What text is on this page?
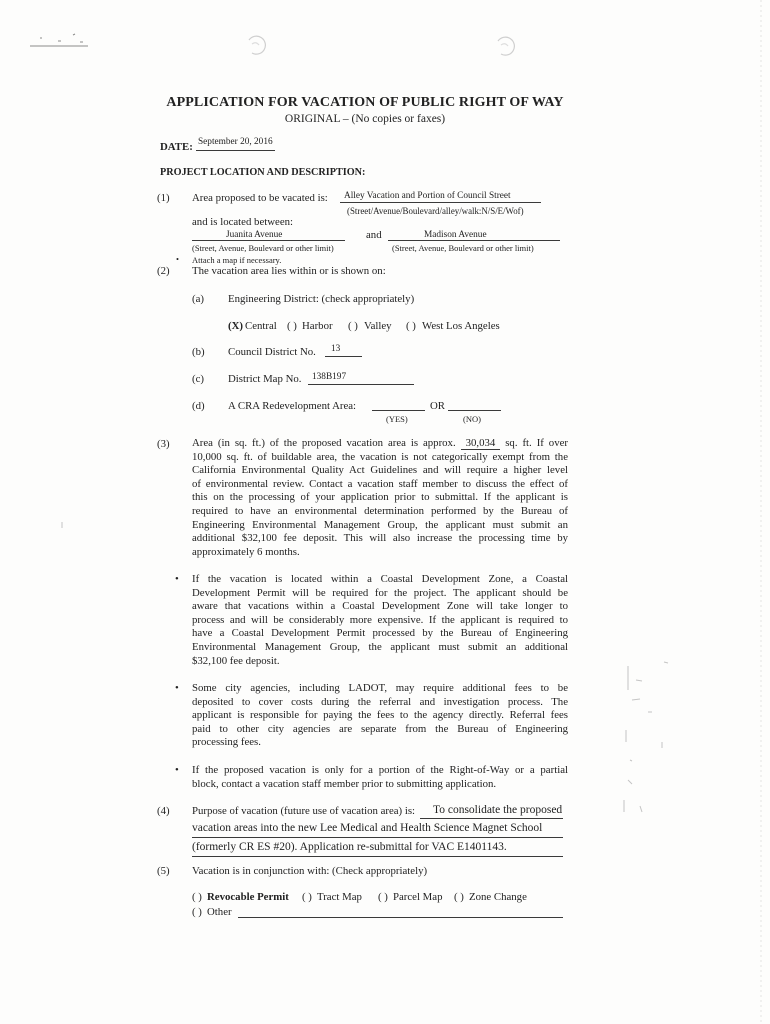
APPLICATION FOR VACATION OF PUBLIC RIGHT OF WAY
ORIGINAL – (No copies or faxes)
DATE: September 20, 2016
PROJECT LOCATION AND DESCRIPTION:
(1) Area proposed to be vacated is: Alley Vacation and Portion of Council Street
(Street/Avenue/Boulevard/alley/walk:N/S/E/Wof)
and is located between:
Juanita Avenue	and	Madison Avenue
(Street, Avenue, Boulevard or other limit)	(Street, Avenue, Boulevard or other limit)
• Attach a map if necessary.
(2) The vacation area lies within or is shown on:
(a) Engineering District: (check appropriately)
(X) Central ( ) Harbor ( ) Valley ( ) West Los Angeles
(b) Council District No. 13
(c) District Map No. 138B197
(d) A CRA Redevelopment Area:	OR
(YES)	(NO)
(3) Area (in sq. ft.) of the proposed vacation area is approx. 30,034 sq. ft. If over
10,000 sq. ft. of buildable area, the vacation is not categorically exempt from the
California Environmental Quality Act Guidelines and will require a higher level
of environmental review. Contact a vacation staff member to discuss the effect of
this on the processing of your application prior to submittal. If the applicant is
required to have an environmental determination performed by the Bureau of
Engineering Environmental Management Group, the applicant must submit an
additional $32,100 fee deposit. This will also increase the processing time by
approximately 6 months.
• If the vacation is located within a Coastal Development Zone, a Coastal
Development Permit will be required for the project. The applicant should be
aware that vacations within a Coastal Development Zone will take longer to
process and will be considerably more expensive. If the applicant is required to
have a Coastal Development Permit processed by the Bureau of Engineering
Environmental Management Group, the applicant must submit an additional
$32,100 fee deposit.
• Some city agencies, including LADOT, may require additional fees to be
deposited to cover costs during the referral and investigation process. The
applicant is responsible for paying the fees to the agency directly. Referral fees
paid to other city agencies are separate from the Bureau of Engineering
processing fees.
• If the proposed vacation is only for a portion of the Right-of-Way or a partial
block, contact a vacation staff member prior to submitting application.
(4) Purpose of vacation (future use of vacation area) is: To consolidate the proposed
vacation areas into the new Lee Medical and Health Science Magnet School
(formerly CR ES #20). Application re-submittal for VAC E1401143.
(5) Vacation is in conjunction with: (Check appropriately)
( ) Revocable Permit ( ) Tract Map ( ) Parcel Map ( ) Zone Change
( ) Other
